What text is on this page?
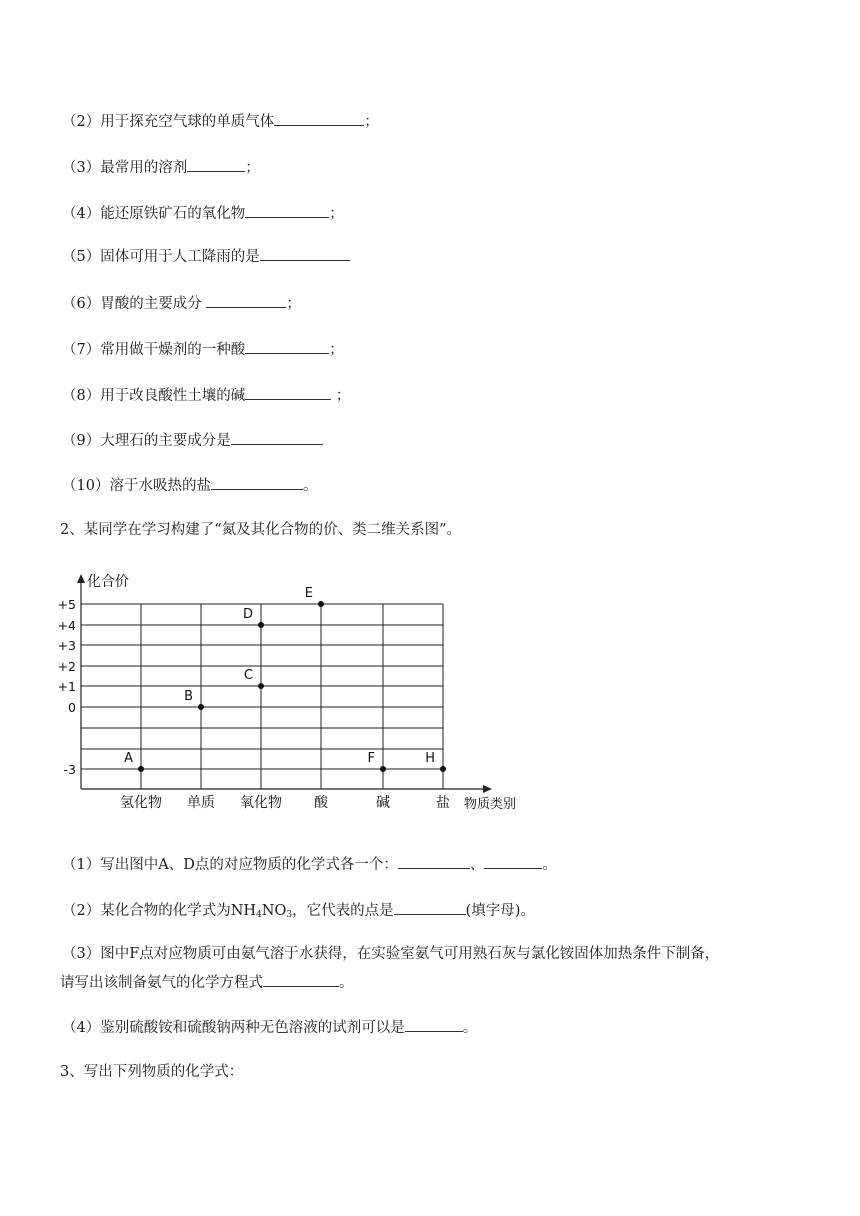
（2）用于探充空气球的单质气体	；
（3）最常用的溶剂	；
（4）能还原铁矿石的氧化物	；
（5）固体可用于人工降雨的是
（6）胃酸的主要成分	；
（7）常用做干燥剂的一种酸	；
（8）用于改良酸性土壤的碱	；
（9）大理石的主要成分是
（10）溶于水吸热的盐	。
2、某同学在学习构建了“氮及其化合物的价、类二维关系图”。
化合价
物质类别
+5
+4
+3
+2
+1
0
-3
氢化物 单质 氧化物 酸	碱	盐
A
B
C
D
E
F	H
（1）写出图中A、D点的对应物质的化学式各一个：	、	。
（2）某化合物的化学式为$NH_4NO_3$，它代表的点是	(填字母)。
（3）图中F点对应物质可由氨气溶于水获得，在实验室氨气可用熟石灰与氯化铵固体加热条件下制备，
请写出该制备氨气的化学方程式	。
（4）鉴别硫酸铵和硫酸钠两种无色溶液的试剂可以是	。
3、写出下列物质的化学式：
